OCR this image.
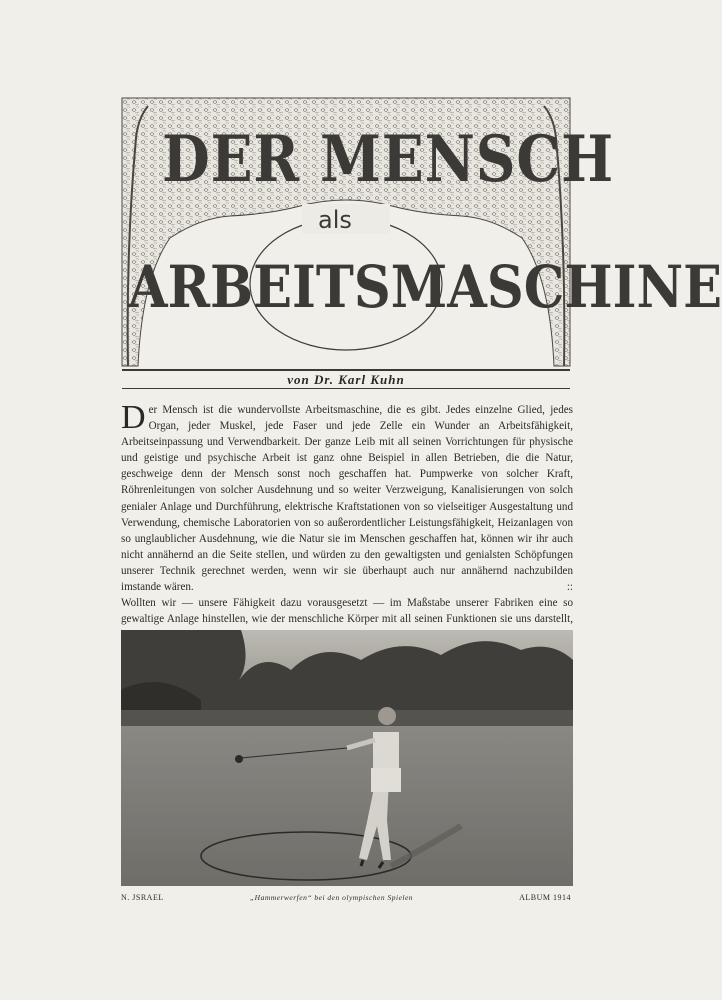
DER MENSCH
als
ARBEITSMASCHINE
von Dr. Karl Kuhn

Der Mensch ist die wundervollste Arbeitsmaschine, die es gibt. Jedes einzelne Glied, jedes Organ, jeder Muskel, jede Faser und jede Zelle ein Wunder an Arbeitsfähigkeit, Arbeitseinpassung und Verwendbarkeit. Der ganze Leib mit all seinen Vorrichtungen für physische und geistige und psychische Arbeit ist ganz ohne Beispiel in allen Betrieben, die die Natur, geschweige denn der Mensch sonst noch geschaffen hat. Pumpwerke von solcher Kraft, Röhrenleitungen von solcher Ausdehnung und so weiter Verzweigung, Kanalisierungen von solch genialer Anlage und Durchführung, elektrische Kraftstationen von so vielseitiger Ausgestaltung und Verwendung, chemische Laboratorien von so außerordentlicher Leistungsfähigkeit, Heizanlagen von so unglaublicher Ausdehnung, wie die Natur sie im Menschen geschaffen hat, können wir ihr auch nicht annähernd an die Seite stellen, und würden zu den gewaltigsten und genialsten Schöpfungen unserer Technik gerechnet werden, wenn wir sie überhaupt auch nur annähernd nachzubilden imstande wären.	::

Wollten wir — unsere Fähigkeit dazu vorausgesetzt — im Maßstabe unserer Fabriken eine so gewaltige Anlage hinstellen, wie der menschliche Körper mit all seinen Funktionen sie uns darstellt,

N. JSRAEL	„Hammerwerfen“ bei den olympischen Spielen	ALBUM 1914
